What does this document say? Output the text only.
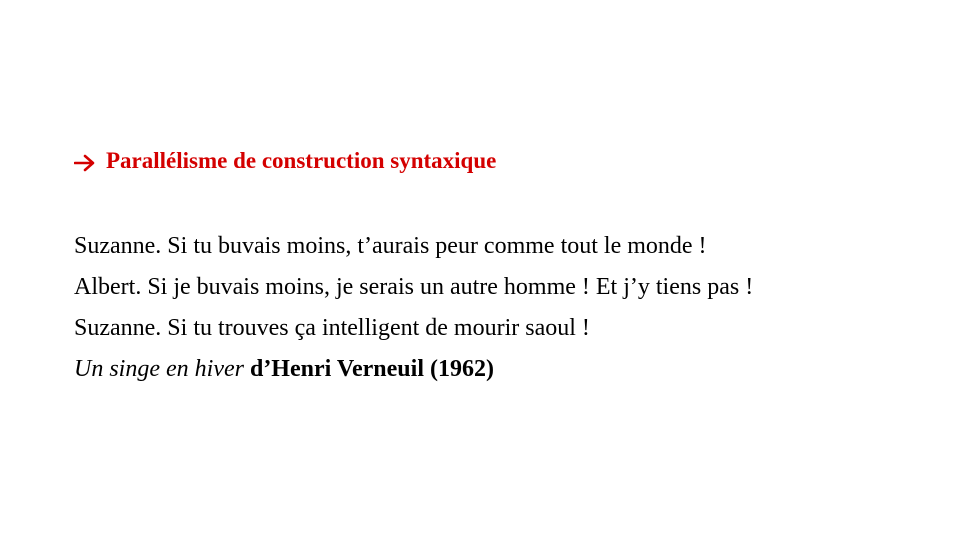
Parallélisme de construction syntaxique
Suzanne. Si tu buvais moins, t’aurais peur comme tout le monde !
Albert. Si je buvais moins, je serais un autre homme ! Et j’y tiens pas !
Suzanne. Si tu trouves ça intelligent de mourir saoul !
Un singe en hiver d’Henri Verneuil (1962)
